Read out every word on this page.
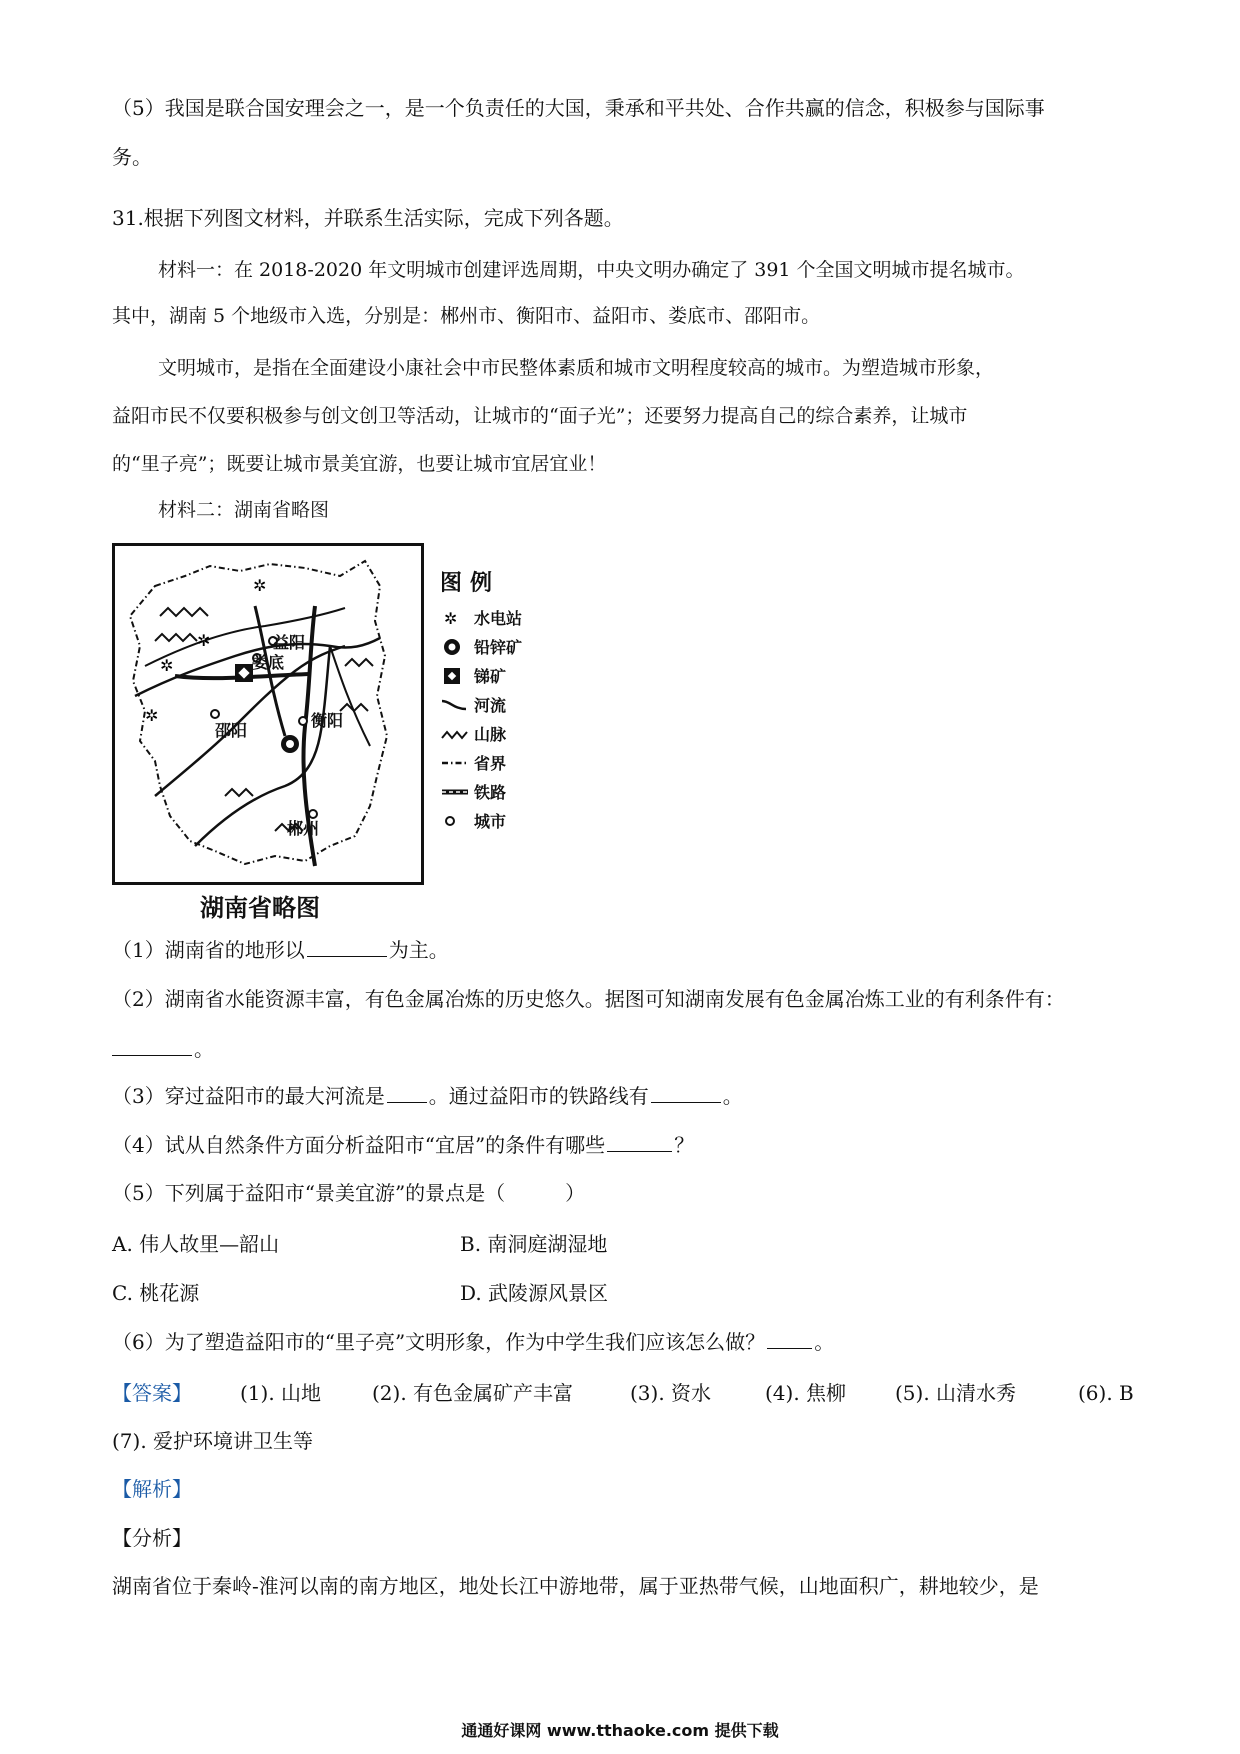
（5）我国是联合国安理会之一，是一个负责任的大国，秉承和平共处、合作共赢的信念，积极参与国际事
务。
31.根据下列图文材料，并联系生活实际，完成下列各题。
材料一：在 2018-2020 年文明城市创建评选周期，中央文明办确定了 391 个全国文明城市提名城市。
其中，湖南 5 个地级市入选，分别是：郴州市、衡阳市、益阳市、娄底市、邵阳市。
文明城市，是指在全面建设小康社会中市民整体素质和城市文明程度较高的城市。为塑造城市形象，
益阳市民不仅要积极参与创文创卫等活动，让城市的“面子光”；还要努力提高自己的综合素养，让城市
的“里子亮”；既要让城市景美宜游，也要让城市宜居宜业！
材料二：湖南省略图
✲
✲
✲
✲
益阳
娄底
邵阳
衡阳
郴州
湖南省略图
图例
✲ 水电站
铅锌矿
锑矿
河流
山脉
省界
铁路
城市
（1）湖南省的地形以	为主。
（2）湖南省水能资源丰富，有色金属冶炼的历史悠久。据图可知湖南发展有色金属冶炼工业的有利条件有：
。
（3）穿过益阳市的最大河流是 。通过益阳市的铁路线有	。
（4）试从自然条件方面分析益阳市“宜居”的条件有哪些	？
（5）下列属于益阳市“景美宜游”的景点是（　　　）
A. 伟人故里—韶山	B. 南洞庭湖湿地
C. 桃花源	D. 武陵源风景区
（6）为了塑造益阳市的“里子亮”文明形象，作为中学生我们应该怎么做？ 。
【答案】 (1). 山地	(2). 有色金属矿产丰富	(3). 资水	(4). 焦柳 (5). 山清水秀	(6). B
(7). 爱护环境讲卫生等
【解析】
【分析】
湖南省位于秦岭-淮河以南的南方地区，地处长江中游地带，属于亚热带气候，山地面积广，耕地较少，是
通通好课网 www.tthaoke.com 提供下载
